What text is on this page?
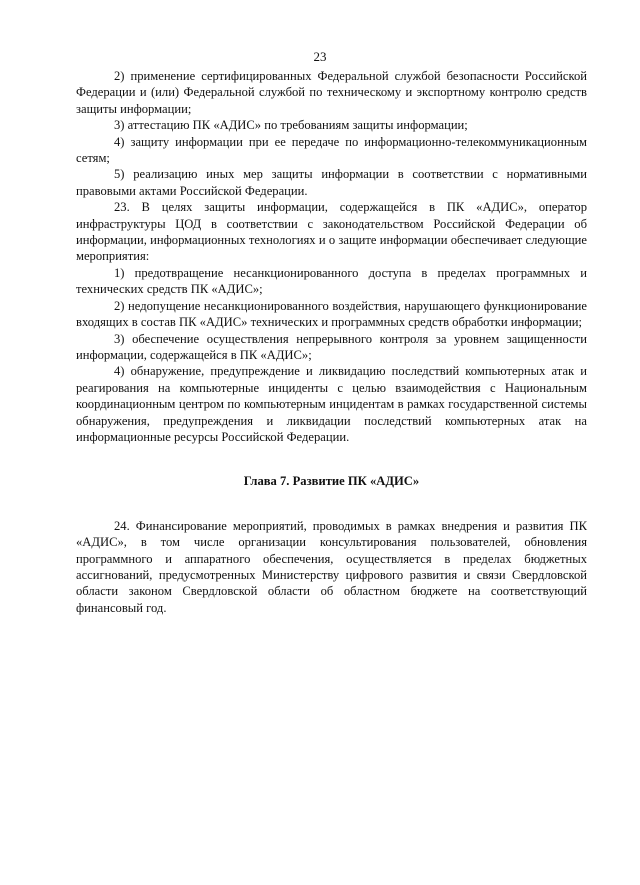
23

2) применение сертифицированных Федеральной службой безопасности Российской Федерации и (или) Федеральной службой по техническому и экспортному контролю средств защиты информации;

3) аттестацию ПК «АДИС» по требованиям защиты информации;

4) защиту информации при ее передаче по информационно-телекоммуникационным сетям;

5) реализацию иных мер защиты информации в соответствии с нормативными правовыми актами Российской Федерации.

23. В целях защиты информации, содержащейся в ПК «АДИС», оператор инфраструктуры ЦОД в соответствии с законодательством Российской Федерации об информации, информационных технологиях и о защите информации обеспечивает следующие мероприятия:

1) предотвращение несанкционированного доступа в пределах программных и технических средств ПК «АДИС»;

2) недопущение несанкционированного воздействия, нарушающего функционирование входящих в состав ПК «АДИС» технических и программных средств обработки информации;

3) обеспечение осуществления непрерывного контроля за уровнем защищенности информации, содержащейся в ПК «АДИС»;

4) обнаружение, предупреждение и ликвидацию последствий компьютерных атак и реагирования на компьютерные инциденты с целью взаимодействия с Национальным координационным центром по компьютерным инцидентам в рамках государственной системы обнаружения, предупреждения и ликвидации последствий компьютерных атак на информационные ресурсы Российской Федерации.

Глава 7. Развитие ПК «АДИС»

24. Финансирование мероприятий, проводимых в рамках внедрения и развития ПК «АДИС», в том числе организации консультирования пользователей, обновления программного и аппаратного обеспечения, осуществляется в пределах бюджетных ассигнований, предусмотренных Министерству цифрового развития и связи Свердловской области законом Свердловской области об областном бюджете на соответствующий финансовый год.
